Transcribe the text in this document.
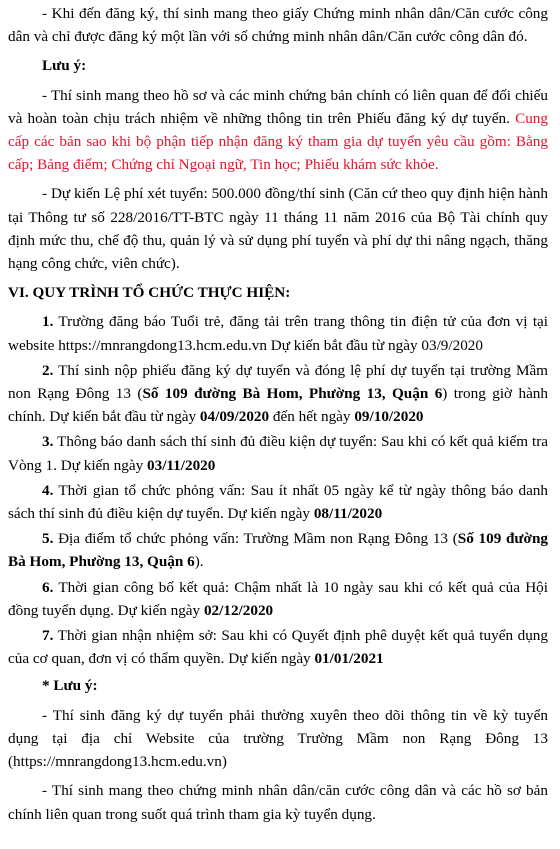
- Khi đến đăng ký, thí sinh mang theo giấy Chứng minh nhân dân/Căn cước công dân và chỉ được đăng ký một lần với số chứng minh nhân dân/Căn cước công dân đó.

Lưu ý:

- Thí sinh mang theo hồ sơ và các minh chứng bản chính có liên quan để đối chiếu và hoàn toàn chịu trách nhiệm về những thông tin trên Phiếu đăng ký dự tuyển. Cung cấp các bản sao khi bộ phận tiếp nhận đăng ký tham gia dự tuyển yêu cầu gồm: Bằng cấp; Bảng điểm; Chứng chỉ Ngoại ngữ, Tin học; Phiếu khám sức khỏe.

- Dự kiến Lệ phí xét tuyển: 500.000 đồng/thí sinh (Căn cứ theo quy định hiện hành tại Thông tư số 228/2016/TT-BTC ngày 11 tháng 11 năm 2016 của Bộ Tài chính quy định mức thu, chế độ thu, quản lý và sử dụng phí tuyển và phí dự thi nâng ngạch, thăng hạng công chức, viên chức).

VI. QUY TRÌNH TỔ CHỨC THỰC HIỆN:

1. Trường đăng báo Tuổi trẻ, đăng tải trên trang thông tin điện tử của đơn vị tại website https://mnrangdong13.hcm.edu.vn Dự kiến bắt đầu từ ngày 03/9/2020

2. Thí sinh nộp phiếu đăng ký dự tuyển và đóng lệ phí dự tuyển tại trường Mầm non Rạng Đông 13 (Số 109 đường Bà Hom, Phường 13, Quận 6) trong giờ hành chính. Dự kiến bắt đầu từ ngày 04/09/2020 đến hết ngày 09/10/2020

3. Thông báo danh sách thí sinh đủ điều kiện dự tuyển: Sau khi có kết quả kiểm tra Vòng 1. Dự kiến ngày 03/11/2020

4. Thời gian tổ chức phỏng vấn: Sau ít nhất 05 ngày kể từ ngày thông báo danh sách thí sinh đủ điều kiện dự tuyển. Dự kiến ngày 08/11/2020

5. Địa điểm tổ chức phỏng vấn: Trường Mầm non Rạng Đông 13 (Số 109 đường Bà Hom, Phường 13, Quận 6).

6. Thời gian công bố kết quả: Chậm nhất là 10 ngày sau khi có kết quả của Hội đồng tuyển dụng. Dự kiến ngày 02/12/2020

7. Thời gian nhận nhiệm sở: Sau khi có Quyết định phê duyệt kết quả tuyển dụng của cơ quan, đơn vị có thẩm quyền. Dự kiến ngày 01/01/2021

* Lưu ý:

- Thí sinh đăng ký dự tuyển phải thường xuyên theo dõi thông tin về kỳ tuyển dụng tại địa chỉ Website của trường Trường Mầm non Rạng Đông 13 (https://mnrangdong13.hcm.edu.vn)

- Thí sinh mang theo chứng minh nhân dân/căn cước công dân và các hồ sơ bản chính liên quan trong suốt quá trình tham gia kỳ tuyển dụng.
